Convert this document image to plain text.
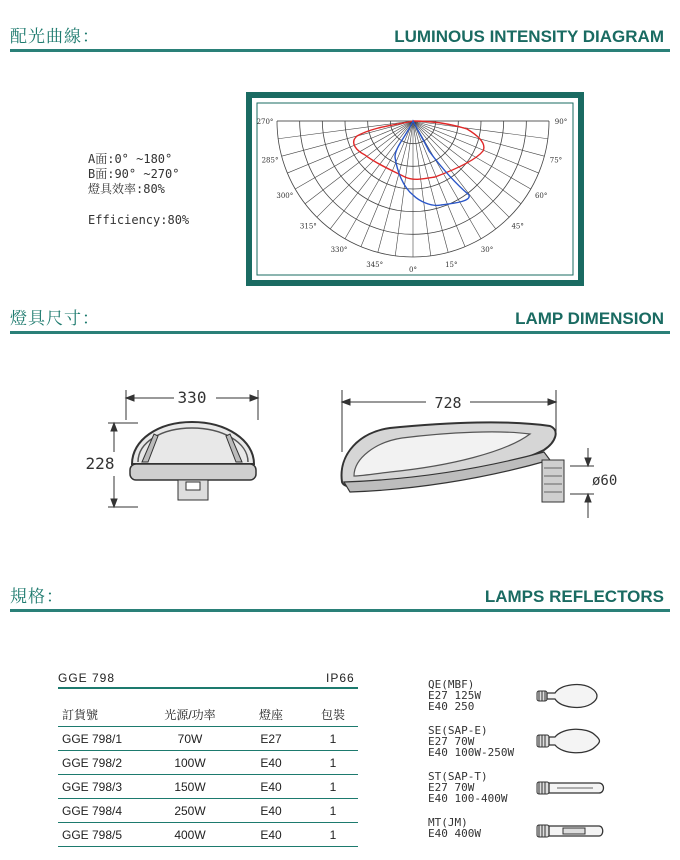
配光曲線：	LUMINOUS INTENSITY DIAGRAM
A面:0° ~180°
B面:90° ~270°
燈具效率:80%
Efficiency:80%
270°
285°
300°
315°
330°
345°
0°
15°
30°
45°
60°
75°
90°
燈具尺寸：	LAMP DIMENSION
330
228
728
ø60
規格：	LAMPS REFLECTORS
GGE 798	IP66
訂貨號	光源/功率	燈座	包裝
GGE 798/1	70W	E27	1
GGE 798/2	100W	E40	1
GGE 798/3	150W	E40	1
GGE 798/4	250W	E40	1
GGE 798/5	400W	E40	1
QE(MBF)
E27 125W
E40 250
SE(SAP-E)
E27 70W
E40 100W-250W
ST(SAP-T)
E27 70W
E40 100-400W
MT(JM)
E40 400W
